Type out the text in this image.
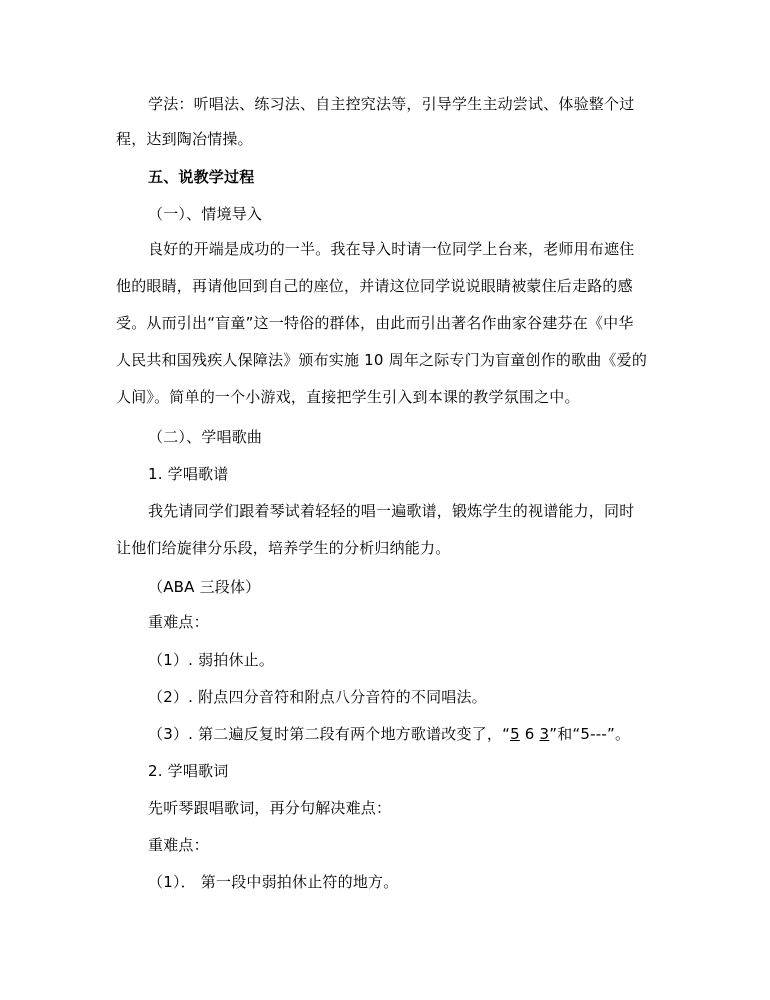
学法：听唱法、练习法、自主控究法等，引导学生主动尝试、体验整个过
程，达到陶冶情操。
五、说教学过程
（一）、情境导入
良好的开端是成功的一半。我在导入时请一位同学上台来，老师用布遮住
他的眼睛，再请他回到自己的座位，并请这位同学说说眼睛被蒙住后走路的感
受。从而引出“盲童”这一特俗的群体，由此而引出著名作曲家谷建芬在《中华
人民共和国残疾人保障法》颁布实施 10 周年之际专门为盲童创作的歌曲《爱的
人间》。简单的一个小游戏，直接把学生引入到本课的教学氛围之中。
（二）、学唱歌曲
1. 学唱歌谱
我先请同学们跟着琴试着轻轻的唱一遍歌谱，锻炼学生的视谱能力，同时
让他们给旋律分乐段，培养学生的分析归纳能力。
（ABA 三段体）
重难点：
（1）. 弱拍休止。
（2）. 附点四分音符和附点八分音符的不同唱法。
（3）. 第二遍反复时第二段有两个地方歌谱改变了，“5 6 3”和“5---”。
2. 学唱歌词
先听琴跟唱歌词，再分句解决难点：
重难点：
（1）． 第一段中弱拍休止符的地方。
